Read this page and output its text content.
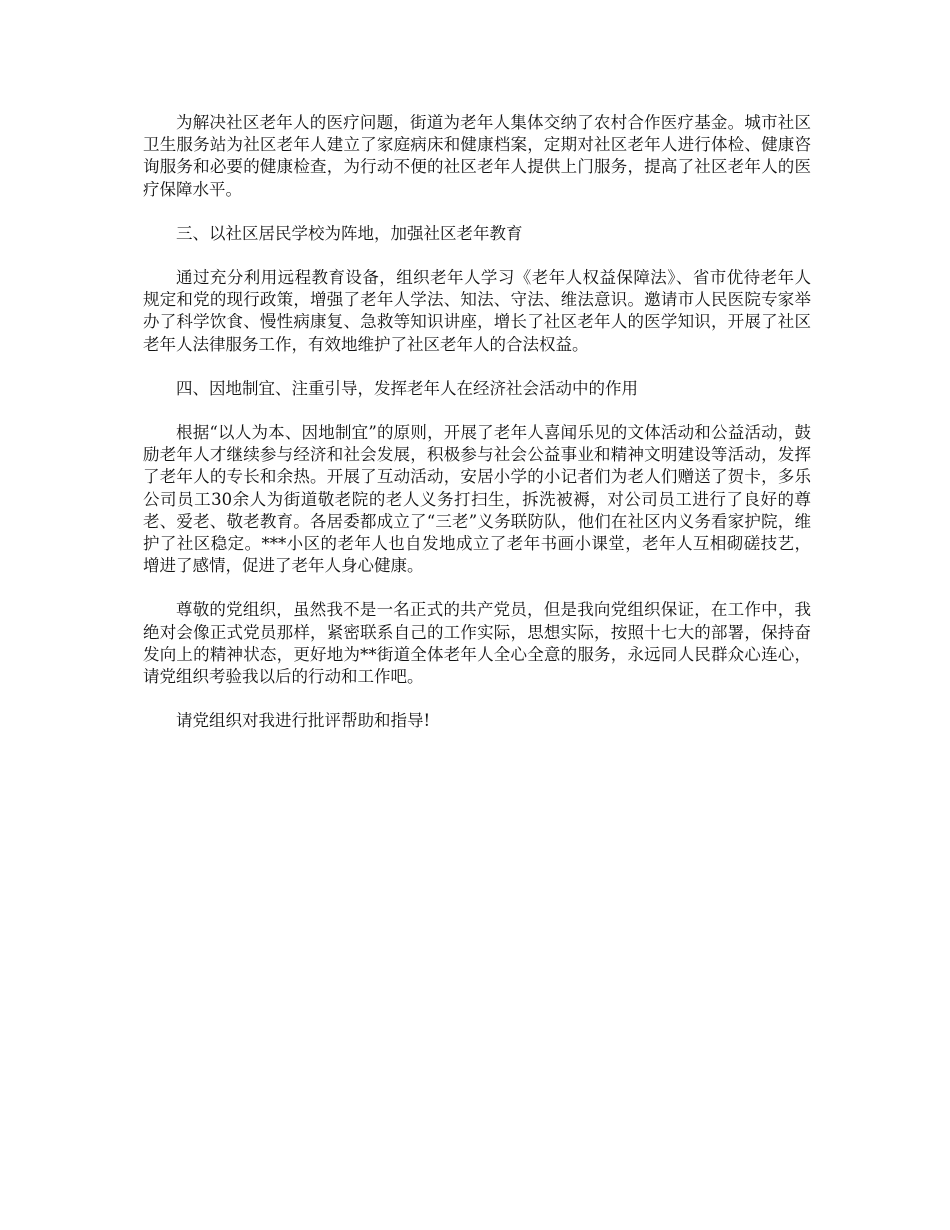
为解决社区老年人的医疗问题，街道为老年人集体交纳了农村合作医疗基金。城市社区卫生服务站为社区老年人建立了家庭病床和健康档案，定期对社区老年人进行体检、健康咨询服务和必要的健康检查，为行动不便的社区老年人提供上门服务，提高了社区老年人的医疗保障水平。

三、以社区居民学校为阵地，加强社区老年教育

通过充分利用远程教育设备，组织老年人学习《老年人权益保障法》、省市优待老年人规定和党的现行政策，增强了老年人学法、知法、守法、维法意识。邀请市人民医院专家举办了科学饮食、慢性病康复、急救等知识讲座，增长了社区老年人的医学知识，开展了社区老年人法律服务工作，有效地维护了社区老年人的合法权益。

四、因地制宜、注重引导，发挥老年人在经济社会活动中的作用

根据“以人为本、因地制宜”的原则，开展了老年人喜闻乐见的文体活动和公益活动，鼓励老年人才继续参与经济和社会发展，积极参与社会公益事业和精神文明建设等活动，发挥了老年人的专长和余热。开展了互动活动，安居小学的小记者们为老人们赠送了贺卡，多乐公司员工30余人为街道敬老院的老人义务打扫生，拆洗被褥，对公司员工进行了良好的尊老、爱老、敬老教育。各居委都成立了“三老”义务联防队，他们在社区内义务看家护院，维护了社区稳定。***小区的老年人也自发地成立了老年书画小课堂，老年人互相砌磋技艺，增进了感情，促进了老年人身心健康。

尊敬的党组织，虽然我不是一名正式的共产党员，但是我向党组织保证，在工作中，我绝对会像正式党员那样，紧密联系自己的工作实际，思想实际，按照十七大的部署，保持奋发向上的精神状态，更好地为**街道全体老年人全心全意的服务，永远同人民群众心连心，请党组织考验我以后的行动和工作吧。

请党组织对我进行批评帮助和指导!
